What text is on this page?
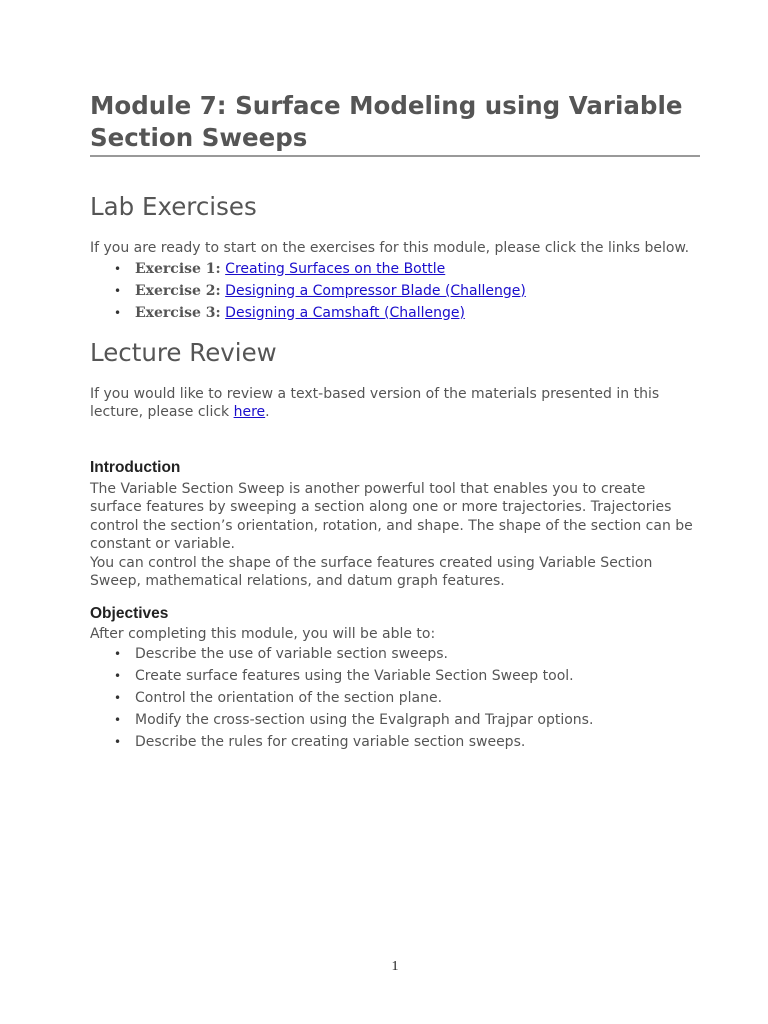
Module 7: Surface Modeling using Variable Section Sweeps
Lab Exercises

If you are ready to start on the exercises for this module, please click the links below.

• Exercise 1: Creating Surfaces on the Bottle
• Exercise 2: Designing a Compressor Blade (Challenge)
• Exercise 3: Designing a Camshaft (Challenge)
Lecture Review

If you would like to review a text-based version of the materials presented in this lecture, please click here.

Introduction

The Variable Section Sweep is another powerful tool that enables you to create surface features by sweeping a section along one or more trajectories. Trajectories control the section’s orientation, rotation, and shape. The shape of the section can be constant or variable.

You can control the shape of the surface features created using Variable Section Sweep, mathematical relations, and datum graph features.

Objectives

After completing this module, you will be able to:

• Describe the use of variable section sweeps.
• Create surface features using the Variable Section Sweep tool.
• Control the orientation of the section plane.
• Modify the cross-section using the Evalgraph and Trajpar options.
• Describe the rules for creating variable section sweeps.
1
